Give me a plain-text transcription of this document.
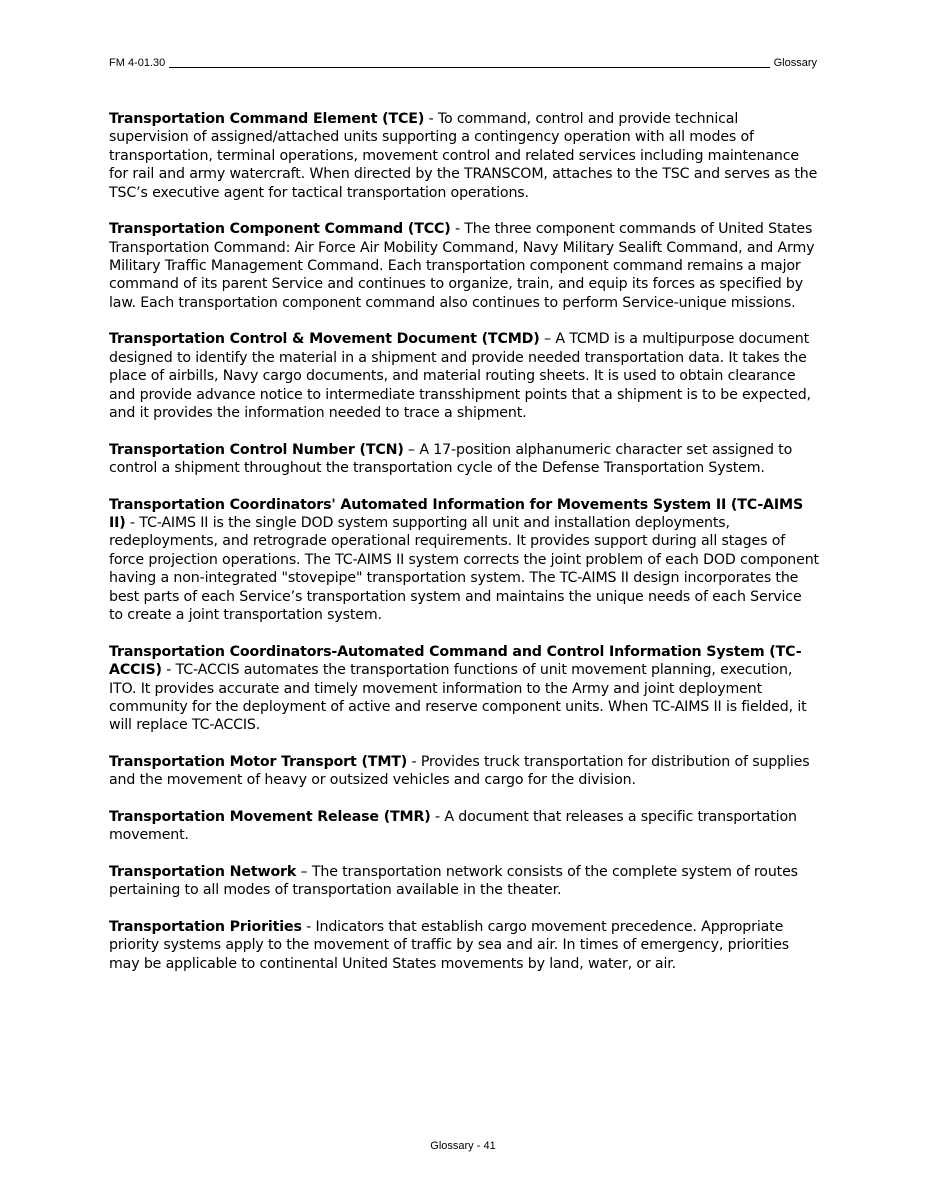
FM 4-01.30	Glossary

Transportation Command Element (TCE) - To command, control and provide technical supervision of assigned/attached units supporting a contingency operation with all modes of transportation, terminal operations, movement control and related services including maintenance for rail and army watercraft. When directed by the TRANSCOM, attaches to the TSC and serves as the TSC’s executive agent for tactical transportation operations.

Transportation Component Command (TCC) - The three component commands of United States Transportation Command: Air Force Air Mobility Command, Navy Military Sealift Command, and Army Military Traffic Management Command. Each transportation component command remains a major command of its parent Service and continues to organize, train, and equip its forces as specified by law. Each transportation component command also continues to perform Service-unique missions.

Transportation Control & Movement Document (TCMD) – A TCMD is a multipurpose document designed to identify the material in a shipment and provide needed transportation data. It takes the place of airbills, Navy cargo documents, and material routing sheets. It is used to obtain clearance and provide advance notice to intermediate transshipment points that a shipment is to be expected, and it provides the information needed to trace a shipment.

Transportation Control Number (TCN) – A 17-position alphanumeric character set assigned to control a shipment throughout the transportation cycle of the Defense Transportation System.

Transportation Coordinators' Automated Information for Movements System II (TC-AIMS II) - TC-AIMS II is the single DOD system supporting all unit and installation deployments, redeployments, and retrograde operational requirements. It provides support during all stages of force projection operations. The TC-AIMS II system corrects the joint problem of each DOD component having a non-integrated "stovepipe" transportation system. The TC-AIMS II design incorporates the best parts of each Service’s transportation system and maintains the unique needs of each Service to create a joint transportation system.

Transportation Coordinators-Automated Command and Control Information System (TC-ACCIS) - TC-ACCIS automates the transportation functions of unit movement planning, execution, ITO. It provides accurate and timely movement information to the Army and joint deployment community for the deployment of active and reserve component units. When TC-AIMS II is fielded, it will replace TC-ACCIS.

Transportation Motor Transport (TMT) - Provides truck transportation for distribution of supplies and the movement of heavy or outsized vehicles and cargo for the division.

Transportation Movement Release (TMR) - A document that releases a specific transportation movement.

Transportation Network – The transportation network consists of the complete system of routes pertaining to all modes of transportation available in the theater.

Transportation Priorities - Indicators that establish cargo movement precedence. Appropriate priority systems apply to the movement of traffic by sea and air. In times of emergency, priorities may be applicable to continental United States movements by land, water, or air.

Glossary - 41
